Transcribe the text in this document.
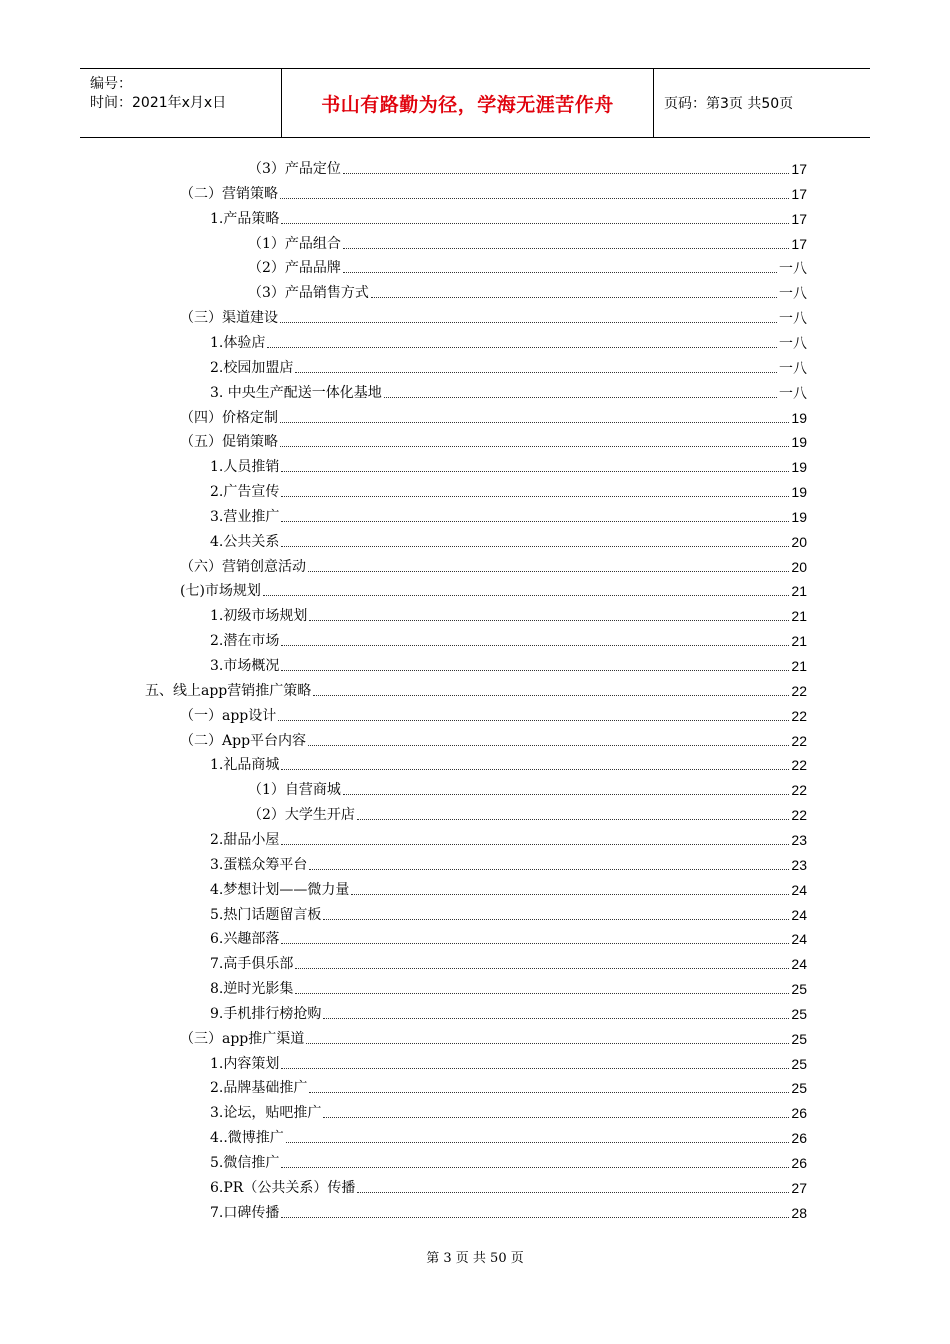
编号：
时间：2021年x月x日	书山有路勤为径，学海无涯苦作舟	页码：第3页 共50页
（3）产品定位	17
（二）营销策略	17
1.产品策略	17
（1）产品组合	17
（2）产品品牌	一八
（3）产品销售方式	一八
（三）渠道建设	一八
1.体验店	一八
2.校园加盟店	一八
3. 中央生产配送一体化基地	一八
（四）价格定制	19
（五）促销策略	19
1.人员推销	19
2.广告宣传	19
3.营业推广	19
4.公共关系	20
（六）营销创意活动	20
(七)市场规划	21
1.初级市场规划	21
2.潜在市场	21
3.市场概况	21
五、线上app营销推广策略	22
（一）app设计	22
（二）App平台内容	22
1.礼品商城	22
（1）自营商城	22
（2）大学生开店	22
2.甜品小屋	23
3.蛋糕众筹平台	23
4.梦想计划——微力量	24
5.热门话题留言板	24
6.兴趣部落	24
7.高手俱乐部	24
8.逆时光影集	25
9.手机排行榜抢购	25
（三）app推广渠道	25
1.内容策划	25
2.品牌基础推广	25
3.论坛，贴吧推广	26
4..微博推广	26
5.微信推广	26
6.PR（公共关系）传播	27
7.口碑传播	28
第 3 页 共 50 页
